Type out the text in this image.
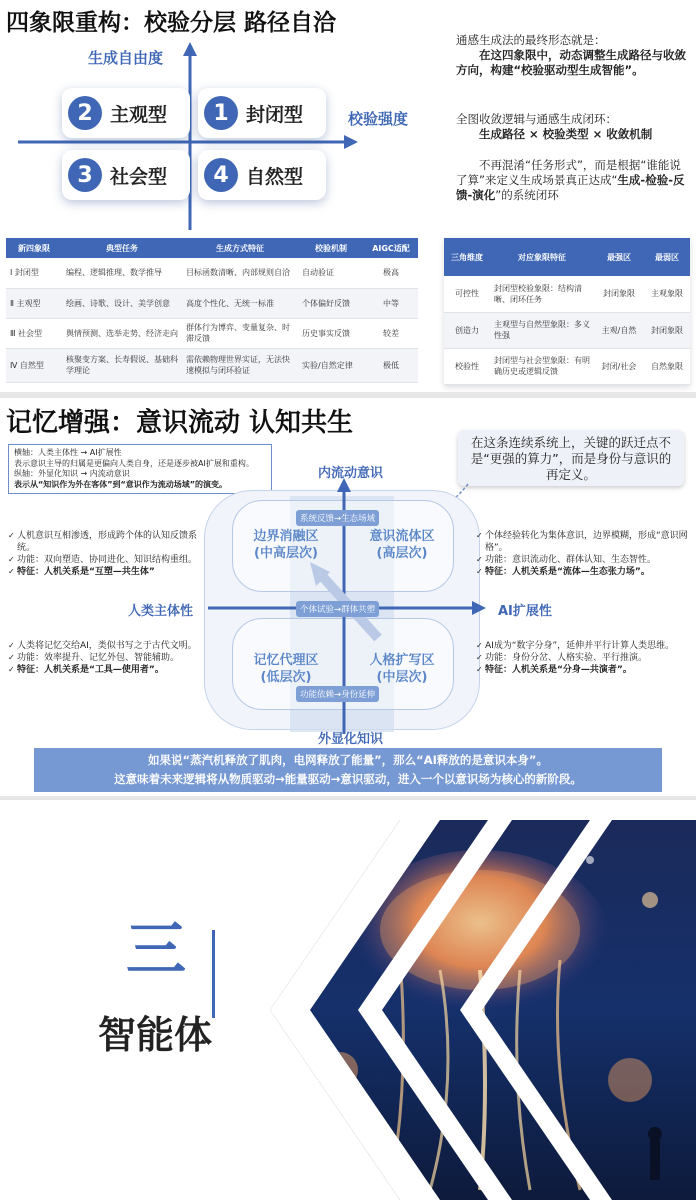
四象限重构：校验分层 路径自洽
生成自由度
校验强度
2 主观型	1 封闭型
3 社会型	4 自然型
通感生成法的最终形态就是：
在这四象限中，动态调整生成路径与收敛方向，构建“校验驱动型生成智能”。
全图收敛逻辑与通感生成闭环：
生成路径 × 校验类型 × 收敛机制
不再混淆“任务形式”，而是根据“谁能说了算”来定义生成场景真正达成“生成-检验-反馈-演化”的系统闭环
新四象限	典型任务	生成方式特征	校验机制	AIGC适配
Ⅰ 封闭型	编程、逻辑推理、数学推导	目标函数清晰、内部规则自洽	自动验证	极高
Ⅱ 主观型	绘画、诗歌、设计、美学创意	高度个性化、无统一标准	个体偏好反馈	中等
Ⅲ 社会型	舆情预测、选举走势、经济走向	群体行为博弈、变量复杂、时滞反馈	历史事实反馈	较差
Ⅳ 自然型	核聚变方案、长寿假说、基础科学理论	需依赖物理世界实证，无法快速模拟与闭环验证	实验/自然定律	极低
三角维度	对应象限特征	最强区	最弱区
可控性	封闭型校验象限：结构清晰、闭环任务	封闭象限	主观象限
创造力	主观型与自然型象限：多义性强	主观/自然	封闭象限
校验性	封闭型与社会型象限：有明确历史或逻辑反馈	封闭/社会	自然象限
记忆增强：意识流动 认知共生
横轴：人类主体性 → AI扩展性
表示意识主导的归属是更偏向人类自身，还是逐步被AI扩展和重构。
纵轴：外显化知识 → 内流动意识
表示从“知识作为外在客体”到“意识作为流动场域”的演变。
在这条连续系统上，关键的跃迁点不是“更强的算力”，而是身份与意识的再定义。
内流动意识
外显化知识
人类主体性	AI扩展性
边界消融区
(中高层次)
意识流体区
(高层次)
记忆代理区
(低层次)
人格扩写区
(中层次)
系统反馈→生态场域
个体试验→群体共塑
功能依赖→身份延伸
✓ 人机意识互相渗透，形成跨个体的认知反馈系统。
✓ 功能：双向塑造、协同进化、知识结构重组。
✓ 特征：人机关系是“互塑—共生体”
✓ 个体经验转化为集体意识，边界模糊，形成“意识网格”。
✓ 功能：意识流动化、群体认知、生态智性。
✓ 特征：人机关系是“流体—生态张力场”。
✓ 人类将记忆交给AI，类似书写之于古代文明。
✓ 功能：效率提升、记忆外包、智能辅助。
✓ 特征：人机关系是“工具—使用者”。
✓ AI成为“数字分身”，延伸并平行计算人类思维。
✓ 功能：身份分岔、人格实验、平行推演。
✓ 特征：人机关系是“分身—共演者”。
如果说“蒸汽机释放了肌肉，电网释放了能量”，那么“AI释放的是意识本身”。
这意味着未来逻辑将从物质驱动→能量驱动→意识驱动，进入一个以意识场为核心的新阶段。
三
智能体
